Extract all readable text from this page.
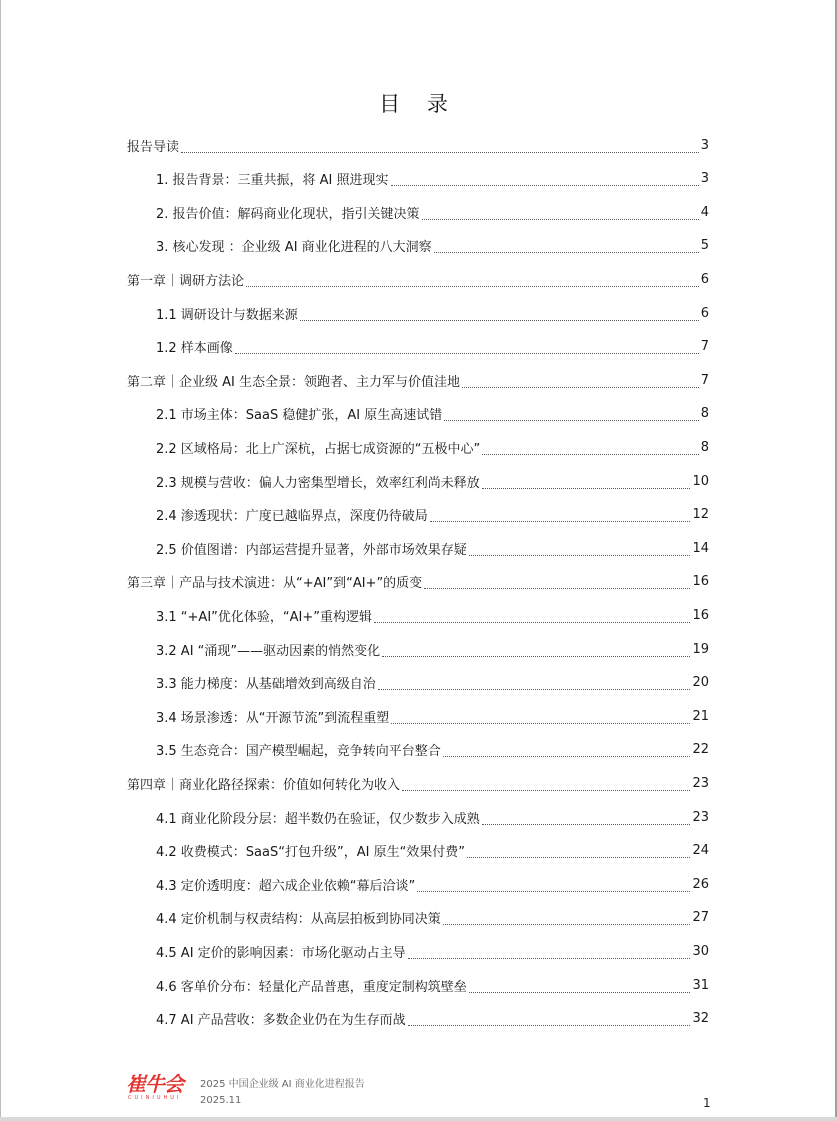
目 录
报告导读	3
1. 报告背景：三重共振，将 AI 照进现实	3
2. 报告价值：解码商业化现状，指引关键决策	4
3. 核心发现 ：企业级 AI 商业化进程的八大洞察	5
第一章｜调研方法论	6
1.1 调研设计与数据来源	6
1.2 样本画像	7
第二章｜企业级 AI 生态全景：领跑者、主力军与价值洼地	7
2.1 市场主体：SaaS 稳健扩张，AI 原生高速试错	8
2.2 区域格局：北上广深杭，占据七成资源的“五极中心”	8
2.3 规模与营收：偏人力密集型增长，效率红利尚未释放	10
2.4 渗透现状：广度已越临界点，深度仍待破局	12
2.5 价值图谱：内部运营提升显著，外部市场效果存疑	14
第三章｜产品与技术演进：从“+AI”到“AI+”的质变	16
3.1 “+AI”优化体验，“AI+”重构逻辑	16
3.2 AI “涌现”——驱动因素的悄然变化	19
3.3 能力梯度：从基础增效到高级自治	20
3.4 场景渗透：从“开源节流”到流程重塑	21
3.5 生态竞合：国产模型崛起，竞争转向平台整合	22
第四章｜商业化路径探索：价值如何转化为收入	23
4.1 商业化阶段分层：超半数仍在验证，仅少数步入成熟	23
4.2 收费模式：SaaS“打包升级”，AI 原生“效果付费”	24
4.3 定价透明度：超六成企业依赖“幕后洽谈”	26
4.4 定价机制与权责结构：从高层拍板到协同决策	27
4.5 AI 定价的影响因素：市场化驱动占主导	30
4.6 客单价分布：轻量化产品普惠，重度定制构筑壁垒	31
4.7 AI 产品营收：多数企业仍在为生存而战	32
崔牛会
CUINIUHUI
2025 中国企业级 AI 商业化进程报告
2025.11	1
